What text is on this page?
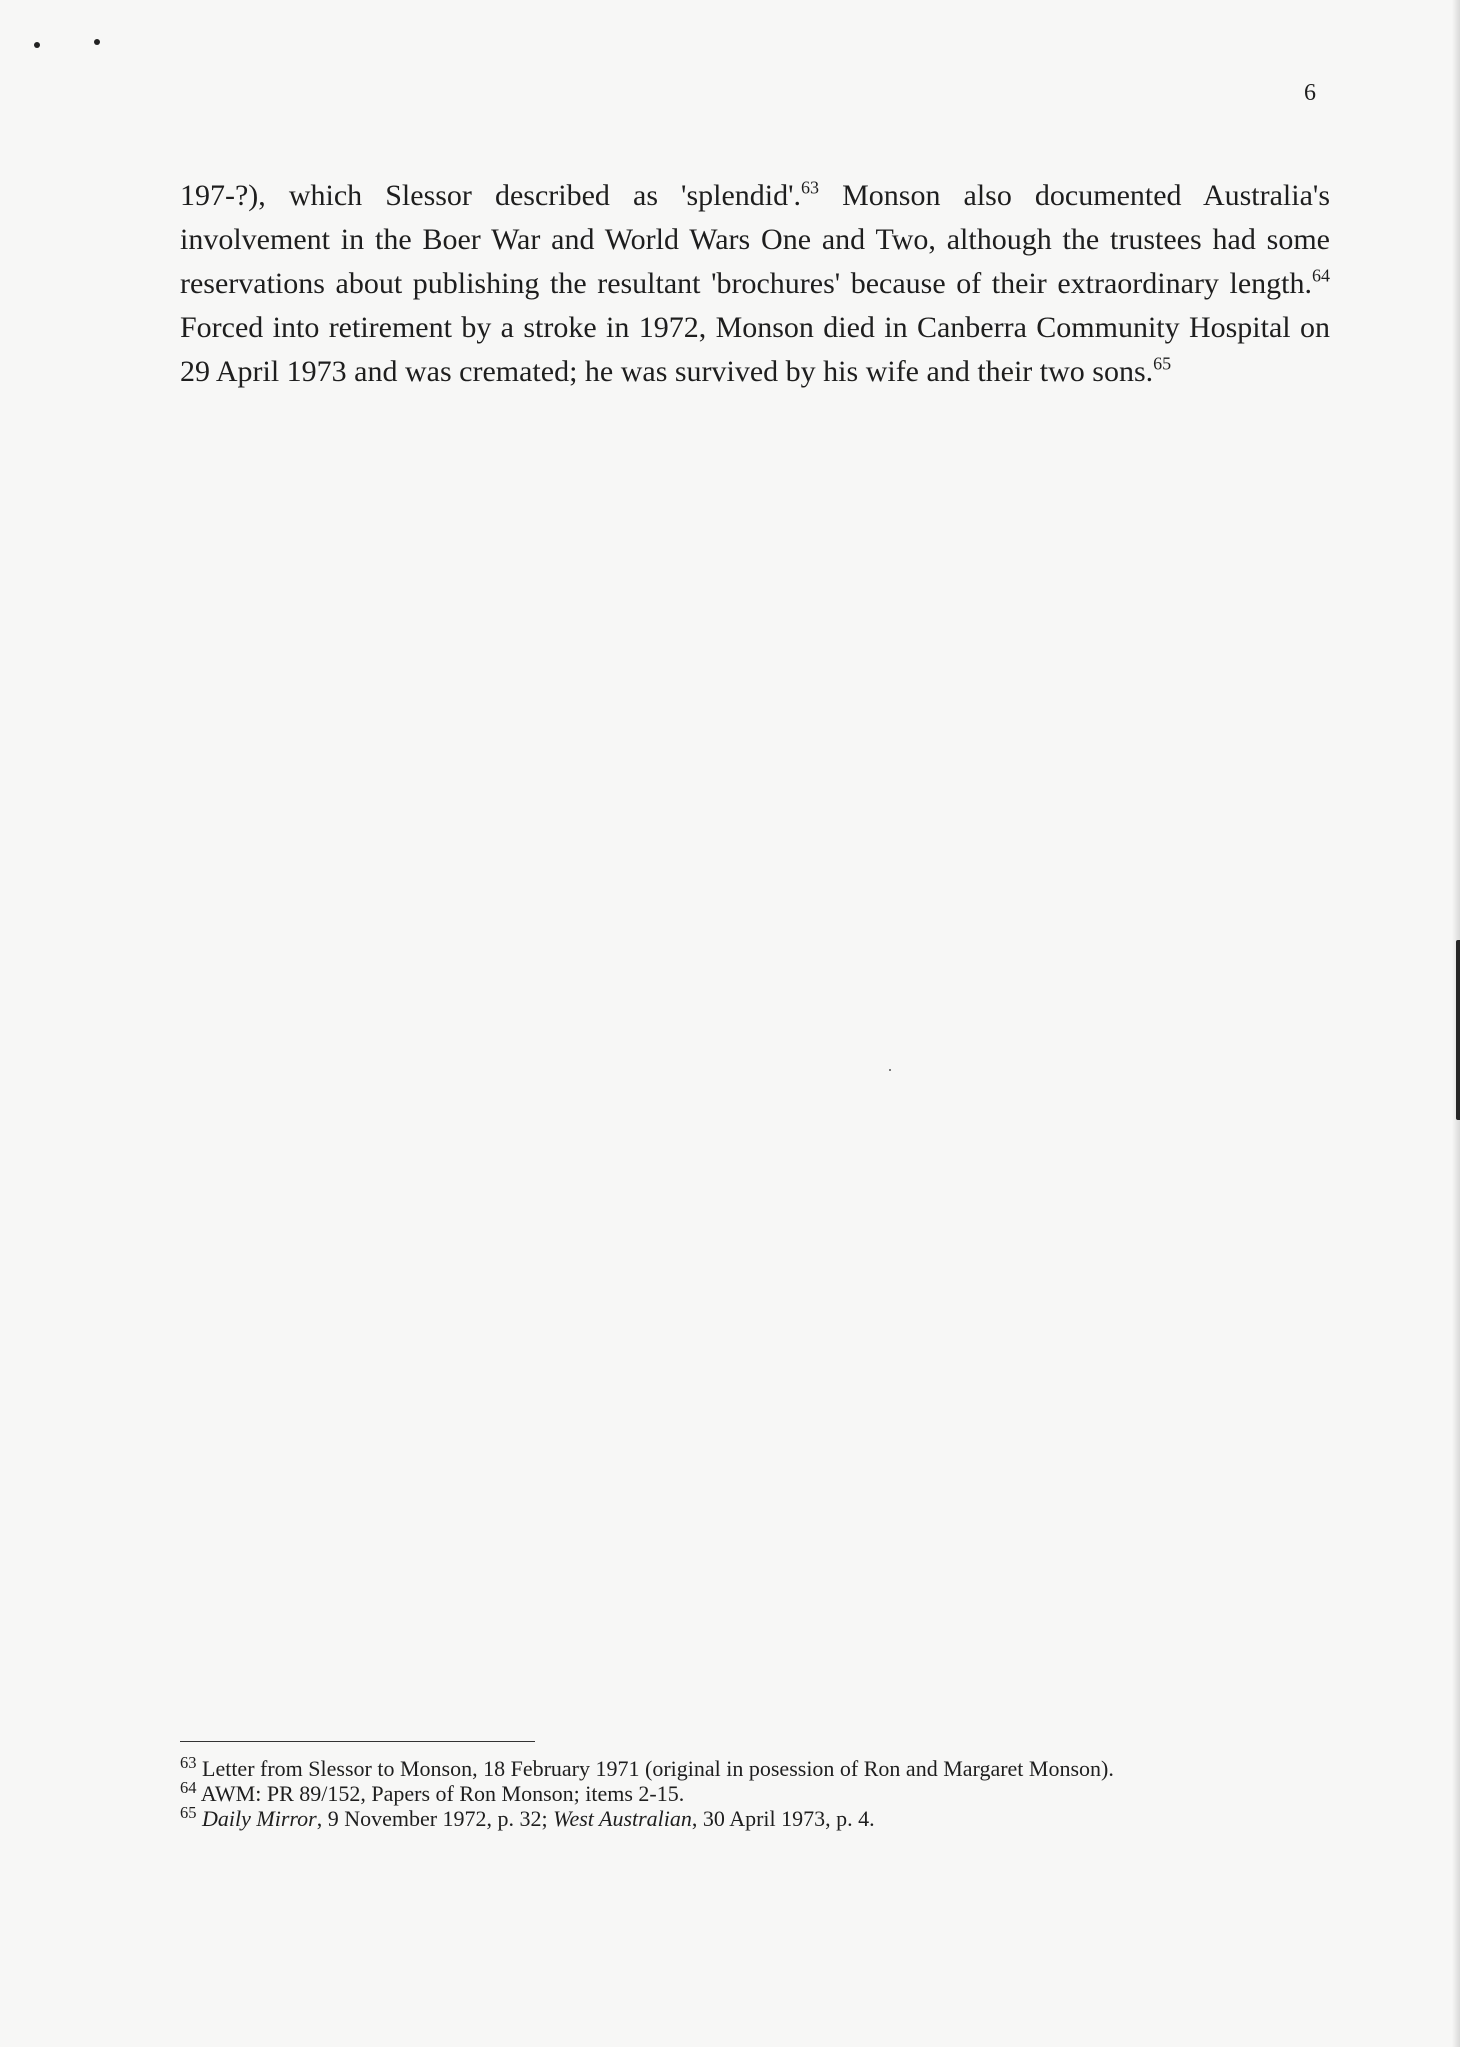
6

197-?), which Slessor described as 'splendid'.$^{63}$ Monson also documented Australia's involvement in the Boer War and World Wars One and Two, although the trustees had some reservations about publishing the resultant 'brochures' because of their extraordinary length.$^{64}$ Forced into retirement by a stroke in 1972, Monson died in Canberra Community Hospital on 29 April 1973 and was cremated; he was survived by his wife and their two sons.$^{65}$

$^{63}$ Letter from Slessor to Monson, 18 February 1971 (original in posession of Ron and Margaret Monson).
$^{64}$ AWM: PR 89/152, Papers of Ron Monson; items 2-15.
$^{65}$ Daily Mirror, 9 November 1972, p. 32; West Australian, 30 April 1973, p. 4.
